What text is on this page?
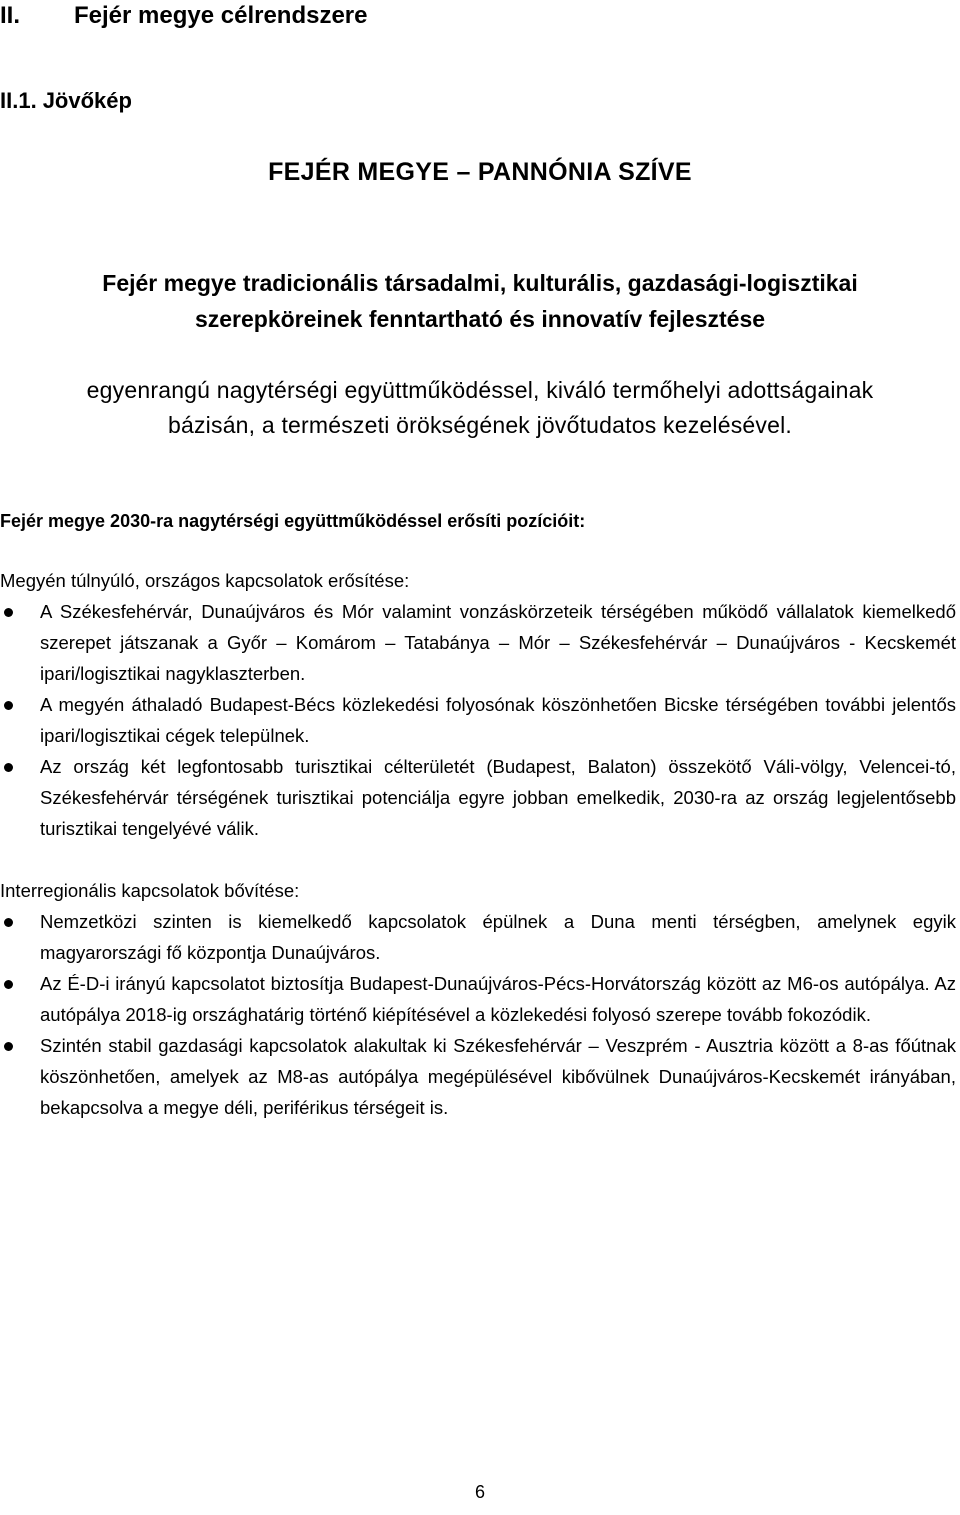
II. Fejér megye célrendszere
II.1. Jövőkép
FEJÉR MEGYE – PANNÓNIA SZÍVE
Fejér megye tradicionális társadalmi, kulturális, gazdasági-logisztikai
szerepköreinek fenntartható és innovatív fejlesztése
egyenrangú nagytérségi együttműködéssel, kiváló termőhelyi adottságainak
bázisán, a természeti örökségének jövőtudatos kezelésével.
Fejér megye 2030-ra nagytérségi együttműködéssel erősíti pozícióit:
Megyén túlnyúló, országos kapcsolatok erősítése:
A Székesfehérvár, Dunaújváros és Mór valamint vonzáskörzeteik térségében működő vállalatok kiemelkedő szerepet játszanak a Győr – Komárom – Tatabánya – Mór – Székesfehérvár – Dunaújváros - Kecskemét ipari/logisztikai nagyklaszterben.
A megyén áthaladó Budapest-Bécs közlekedési folyosónak köszönhetően Bicske térségében további jelentős ipari/logisztikai cégek települnek.
Az ország két legfontosabb turisztikai célterületét (Budapest, Balaton) összekötő Váli-völgy, Velencei-tó, Székesfehérvár térségének turisztikai potenciálja egyre jobban emelkedik, 2030-ra az ország legjelentősebb turisztikai tengelyévé válik.
Interregionális kapcsolatok bővítése:
Nemzetközi szinten is kiemelkedő kapcsolatok épülnek a Duna menti térségben, amelynek egyik magyarországi fő központja Dunaújváros.
Az É-D-i irányú kapcsolatot biztosítja Budapest-Dunaújváros-Pécs-Horvátország között az M6-os autópálya. Az autópálya 2018-ig országhatárig történő kiépítésével a közlekedési folyosó szerepe tovább fokozódik.
Szintén stabil gazdasági kapcsolatok alakultak ki Székesfehérvár – Veszprém - Ausztria között a 8-as főútnak köszönhetően, amelyek az M8-as autópálya megépülésével kibővülnek Dunaújváros-Kecskemét irányában, bekapcsolva a megye déli, periférikus térségeit is.
6
